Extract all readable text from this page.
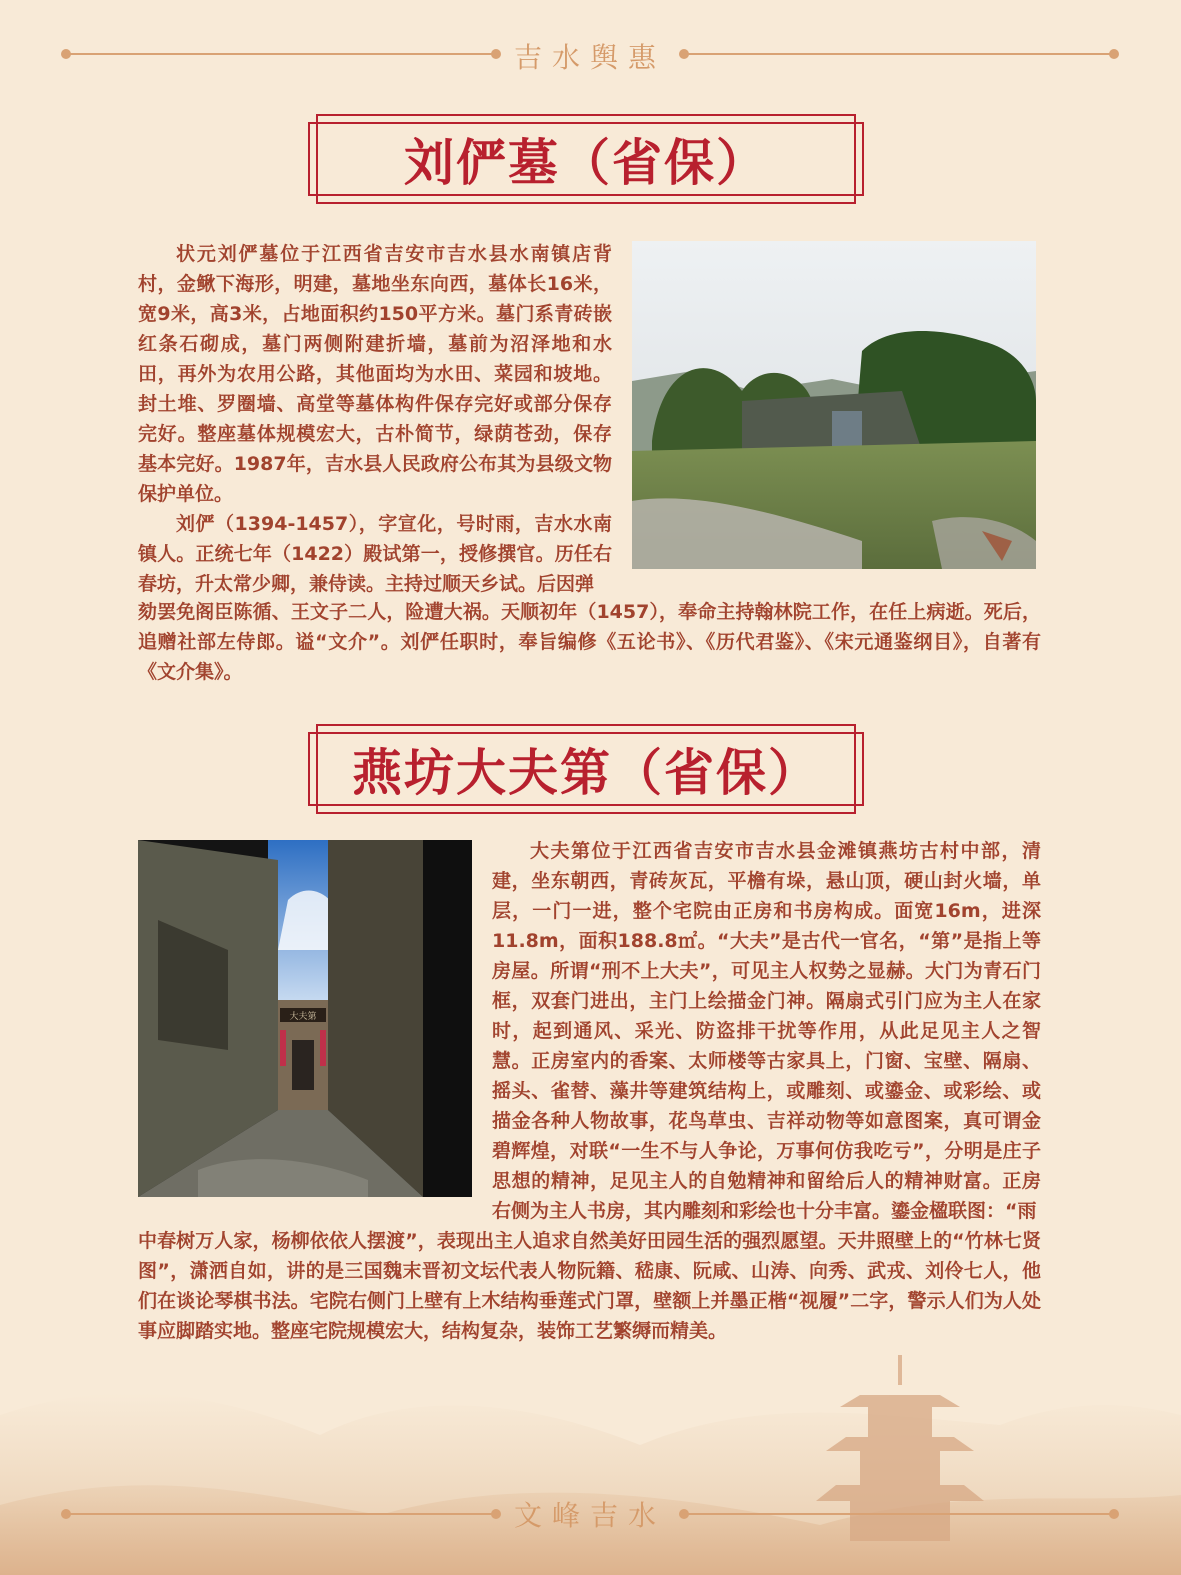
吉水舆惠
刘俨墓（省保）

状元刘俨墓位于江西省吉安市吉水县水南镇店背村，金鳅下海形，明建，墓地坐东向西，墓体长16米，宽9米，高3米，占地面积约150平方米。墓门系青砖嵌红条石砌成，墓门两侧附建折墙，墓前为沼泽地和水田，再外为农用公路，其他面均为水田、菜园和坡地。封土堆、罗圈墙、高堂等墓体构件保存完好或部分保存完好。整座墓体规模宏大，古朴简节，绿荫苍劲，保存基本完好。1987年，吉水县人民政府公布其为县级文物保护单位。

刘俨（1394-1457），字宣化，号时雨，吉水水南镇人。正统七年（1422）殿试第一，授修撰官。历任右春坊，升太常少卿，兼侍读。主持过顺天乡试。后因弹

劾罢免阁臣陈循、王文子二人，险遭大祸。天顺初年（1457），奉命主持翰林院工作，在任上病逝。死后，追赠社部左侍郎。谥“文介”。刘俨任职时，奉旨编修《五论书》、《历代君鉴》、《宋元通鉴纲目》，自著有《文介集》。

燕坊大夫第（省保）
大夫第

大夫第位于江西省吉安市吉水县金滩镇燕坊古村中部，清建，坐东朝西，青砖灰瓦，平檐有垛，悬山顶，硬山封火墙，单层，一门一进，整个宅院由正房和书房构成。面宽16m，进深11.8m，面积188.8㎡。“大夫”是古代一官名，“第”是指上等房屋。所谓“刑不上大夫”，可见主人权势之显赫。大门为青石门框，双套门进出，主门上绘描金门神。隔扇式引门应为主人在家时，起到通风、采光、防盗排干扰等作用，从此足见主人之智慧。正房室内的香案、太师楼等古家具上，门窗、宝壁、隔扇、摇头、雀替、藻井等建筑结构上，或雕刻、或鎏金、或彩绘、或描金各种人物故事，花鸟草虫、吉祥动物等如意图案，真可谓金碧辉煌，对联“一生不与人争论，万事何仿我吃亏”，分明是庄子思想的精神，足见主人的自勉精神和留给后人的精神财富。正房右侧为主人书房，其内雕刻和彩绘也十分丰富。鎏金楹联图：“雨

中春树万人家，杨柳依依人摆渡”，表现出主人追求自然美好田园生活的强烈愿望。天井照壁上的“竹林七贤图”，潇洒自如，讲的是三国魏末晋初文坛代表人物阮籍、嵇康、阮咸、山涛、向秀、武戎、刘伶七人，他们在谈论琴棋书法。宅院右侧门上壁有上木结构垂莲式门罩，壁额上并墨正楷“视履”二字，警示人们为人处事应脚踏实地。整座宅院规模宏大，结构复杂，装饰工艺繁缛而精美。

文峰吉水
